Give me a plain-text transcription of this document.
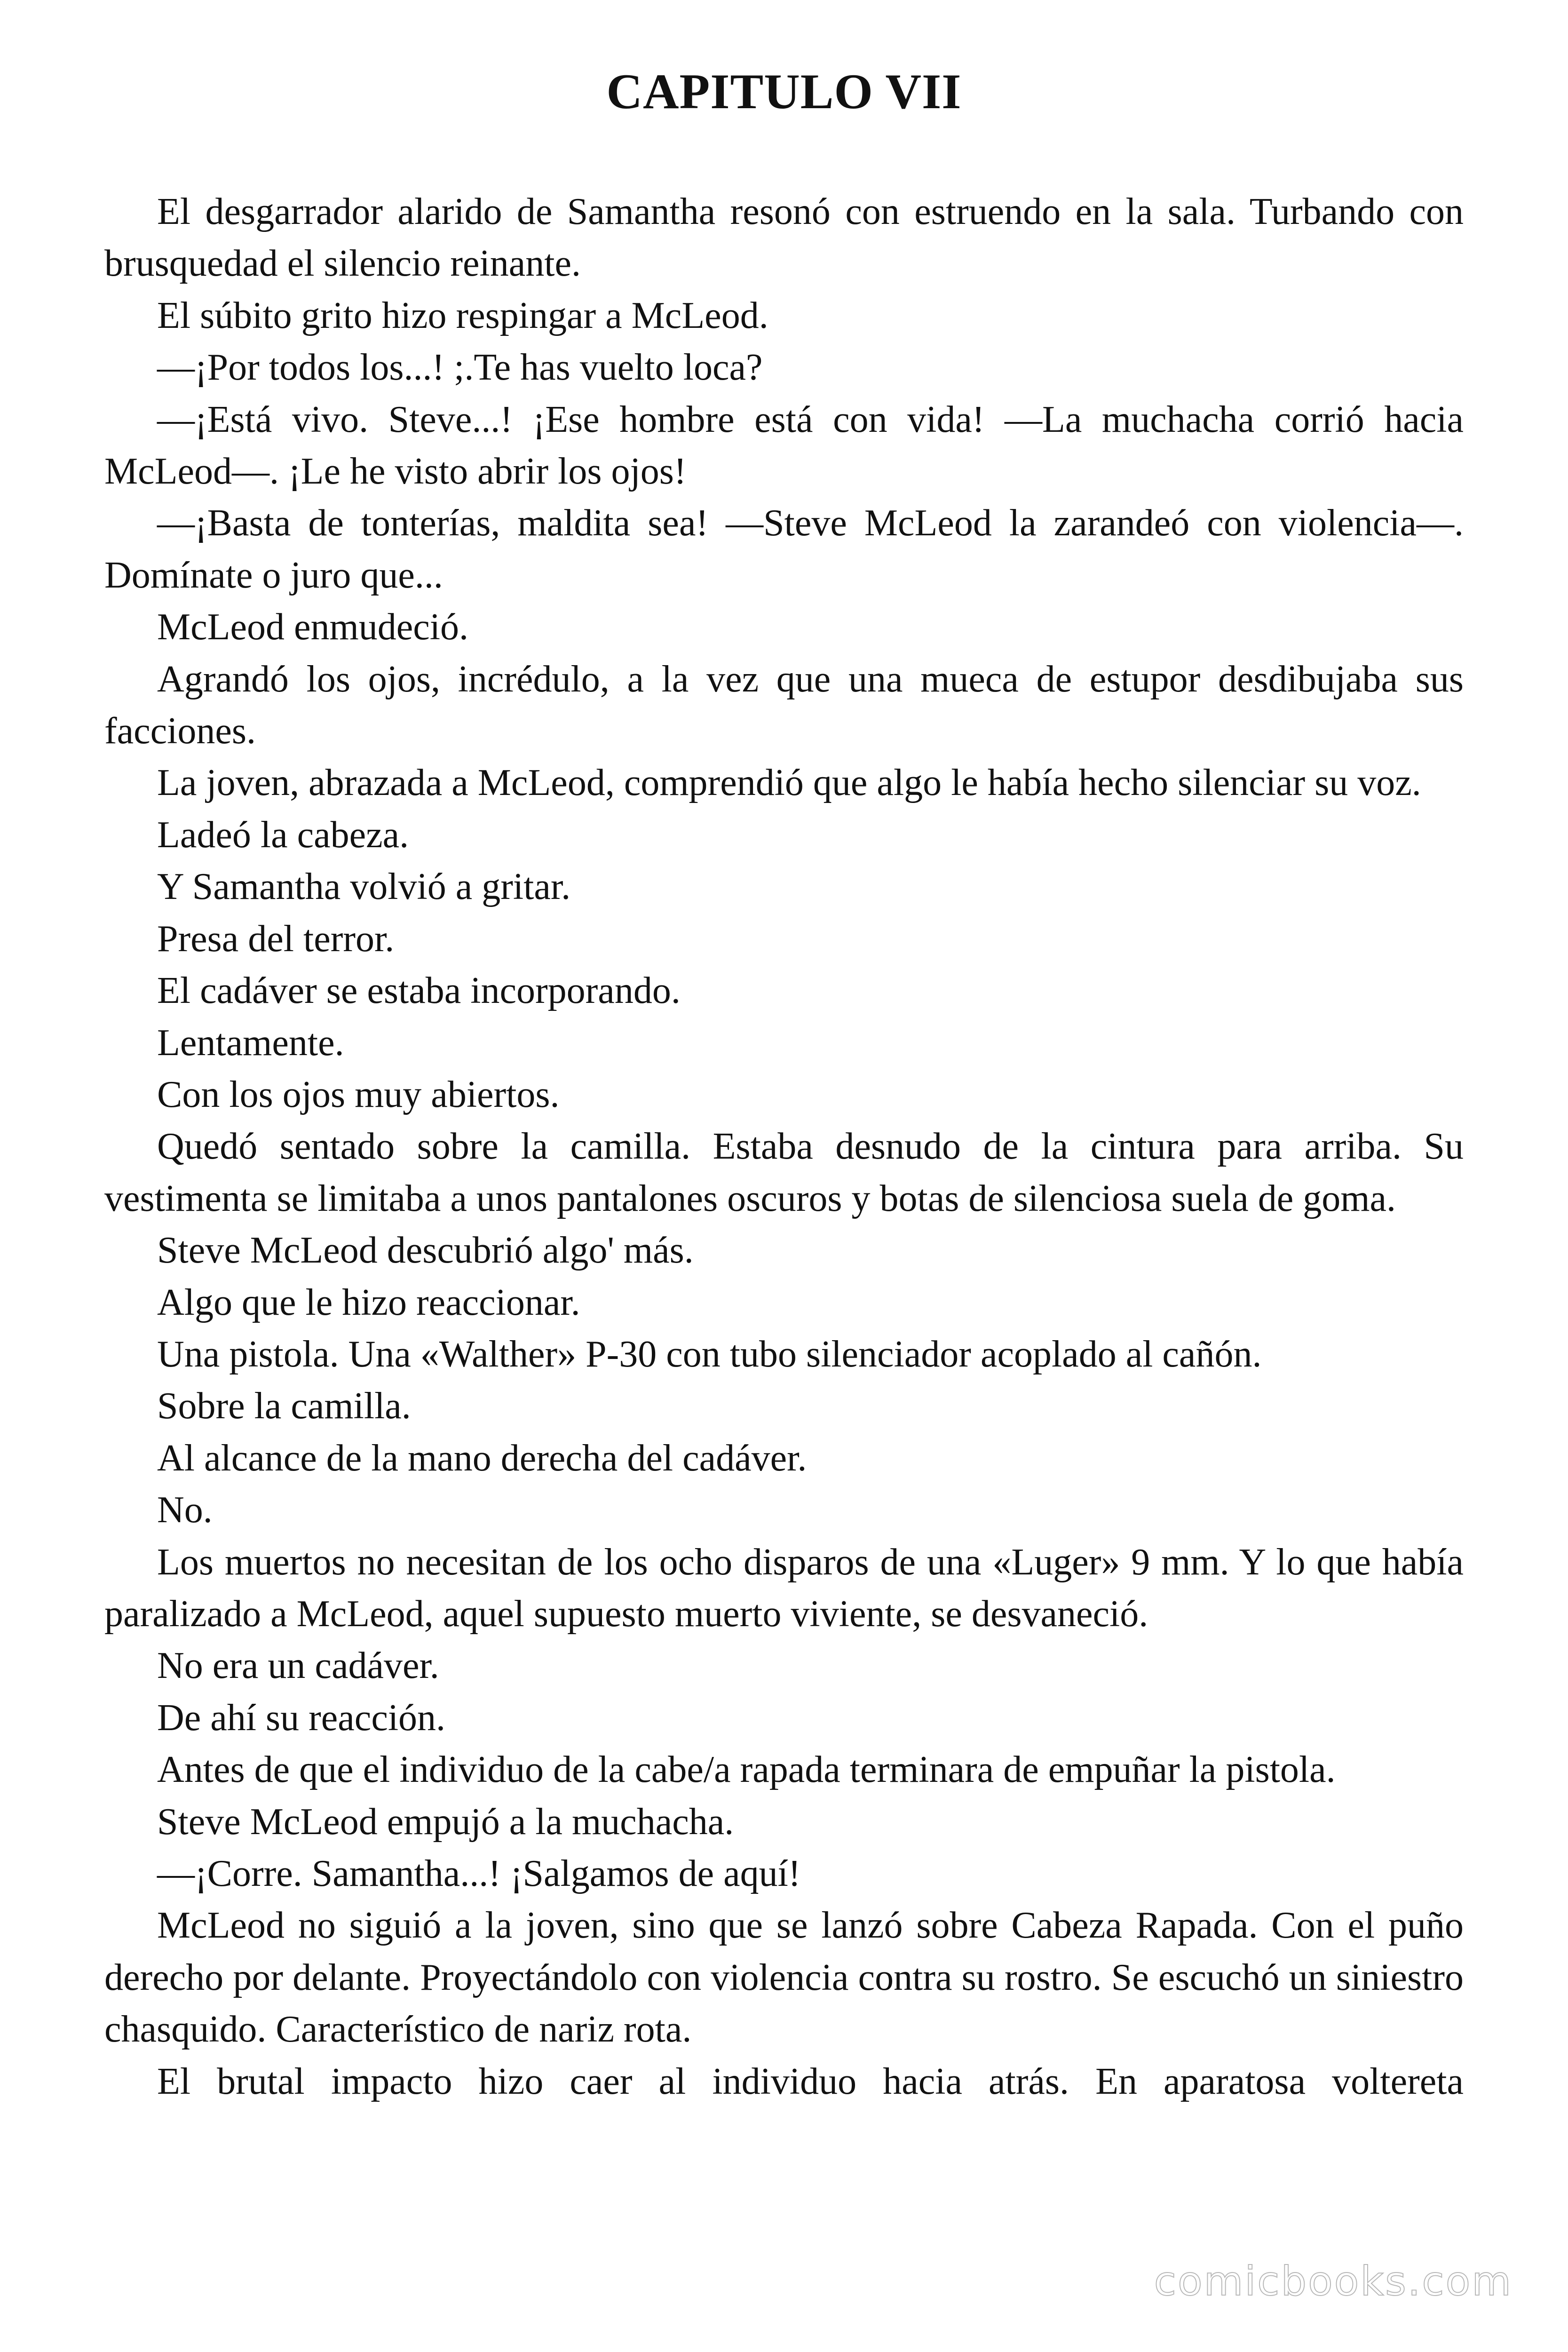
CAPITULO VII

El desgarrador alarido de Samantha resonó con estruendo en la sala. Turbando con brusquedad el silencio reinante.

El súbito grito hizo respingar a McLeod.

—¡Por todos los...! ;.Te has vuelto loca?

—¡Está vivo. Steve...! ¡Ese hombre está con vida! —La muchacha corrió hacia McLeod—. ¡Le he visto abrir los ojos!

—¡Basta de tonterías, maldita sea! —Steve McLeod la zarandeó con violencia—. Domínate o juro que...

McLeod enmudeció.

Agrandó los ojos, incrédulo, a la vez que una mueca de estupor desdibujaba sus facciones.

La joven, abrazada a McLeod, comprendió que algo le había hecho silenciar su voz.

Ladeó la cabeza.

Y Samantha volvió a gritar.

Presa del terror.

El cadáver se estaba incorporando.

Lentamente.

Con los ojos muy abiertos.

Quedó sentado sobre la camilla. Estaba desnudo de la cintura para arriba. Su vestimenta se limitaba a unos pantalones oscuros y botas de silenciosa suela de goma.

Steve McLeod descubrió algo' más.

Algo que le hizo reaccionar.

Una pistola. Una «Walther» P-30 con tubo silenciador acoplado al cañón.

Sobre la camilla.

Al alcance de la mano derecha del cadáver.

No.

Los muertos no necesitan de los ocho disparos de una «Luger» 9 mm. Y lo que había paralizado a McLeod, aquel supuesto muerto viviente, se desvaneció.

No era un cadáver.

De ahí su reacción.

Antes de que el individuo de la cabe/a rapada terminara de empuñar la pistola.

Steve McLeod empujó a la muchacha.

—¡Corre. Samantha...! ¡Salgamos de aquí!

McLeod no siguió a la joven, sino que se lanzó sobre Cabeza Rapada. Con el puño derecho por delante. Proyectándolo con violencia contra su rostro. Se escuchó un siniestro chasquido. Característico de nariz rota.

El brutal impacto hizo caer al individuo hacia atrás. En aparatosa voltereta

comicbooks.com
